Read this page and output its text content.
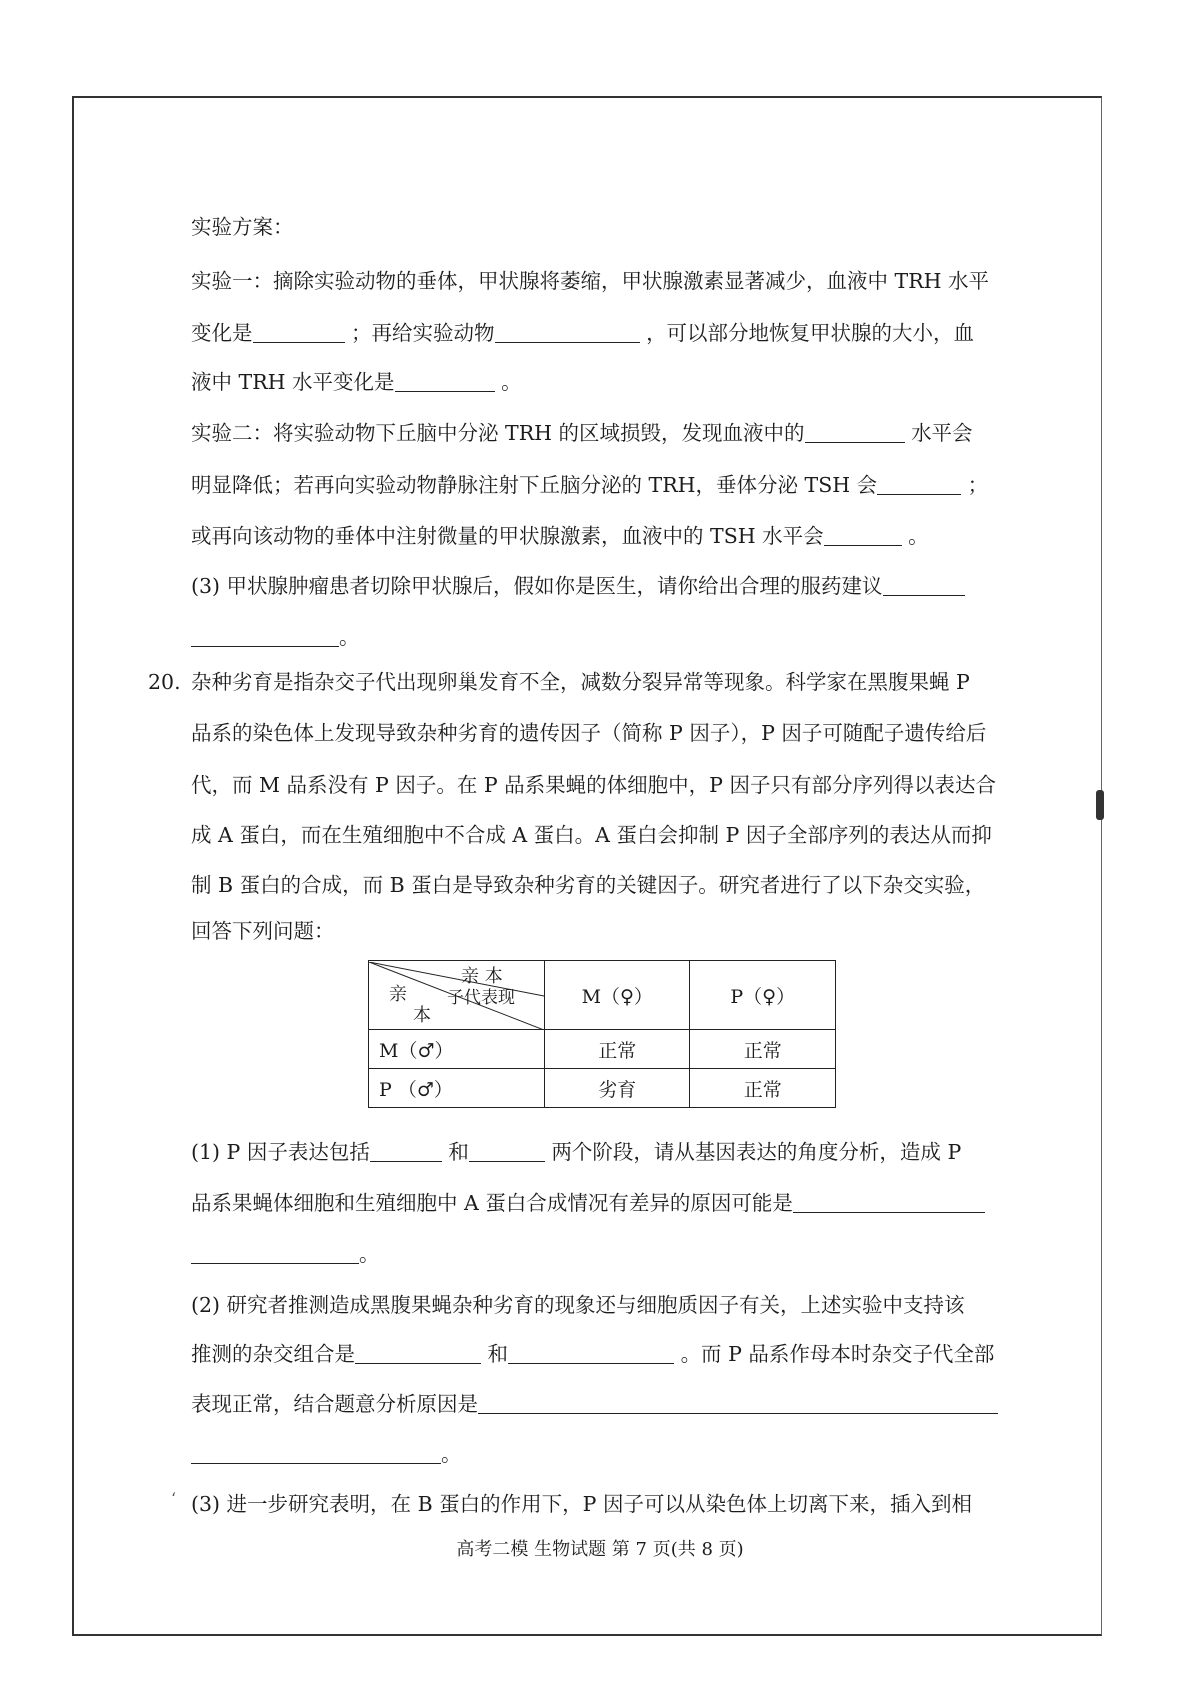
实验方案：
实验一：摘除实验动物的垂体，甲状腺将萎缩，甲状腺激素显著减少，血液中 TRH 水平
变化是	；再给实验动物	，可以部分地恢复甲状腺的大小，血
液中 TRH 水平变化是	。
实验二：将实验动物下丘脑中分泌 TRH 的区域损毁，发现血液中的	水平会
明显降低；若再向实验动物静脉注射下丘脑分泌的 TRH，垂体分泌 TSH 会	；
或再向该动物的垂体中注射微量的甲状腺激素，血液中的 TSH 水平会	。
(3) 甲状腺肿瘤患者切除甲状腺后，假如你是医生，请你给出合理的服药建议
。
20. 杂种劣育是指杂交子代出现卵巢发育不全，减数分裂异常等现象。科学家在黑腹果蝇 P
品系的染色体上发现导致杂种劣育的遗传因子（简称 P 因子），P 因子可随配子遗传给后
代，而 M 品系没有 P 因子。在 P 品系果蝇的体细胞中，P 因子只有部分序列得以表达合
成 A 蛋白，而在生殖细胞中不合成 A 蛋白。A 蛋白会抑制 P 因子全部序列的表达从而抑
制 B 蛋白的合成，而 B 蛋白是导致杂种劣育的关键因子。研究者进行了以下杂交实验，
回答下列问题：
亲 本
子代表现
亲
本	M（♀）	P（♀）
M（♂）	正常	正常
P （♂）	劣育	正常
(1) P 因子表达包括	和	两个阶段，请从基因表达的角度分析，造成 P
品系果蝇体细胞和生殖细胞中 A 蛋白合成情况有差异的原因可能是
。
(2) 研究者推测造成黑腹果蝇杂种劣育的现象还与细胞质因子有关，上述实验中支持该
推测的杂交组合是	和	。而 P 品系作母本时杂交子代全部
表现正常，结合题意分析原因是
。
‘ (3) 进一步研究表明，在 B 蛋白的作用下，P 因子可以从染色体上切离下来，插入到相
高考二模 生物试题 第 7 页(共 8 页)
